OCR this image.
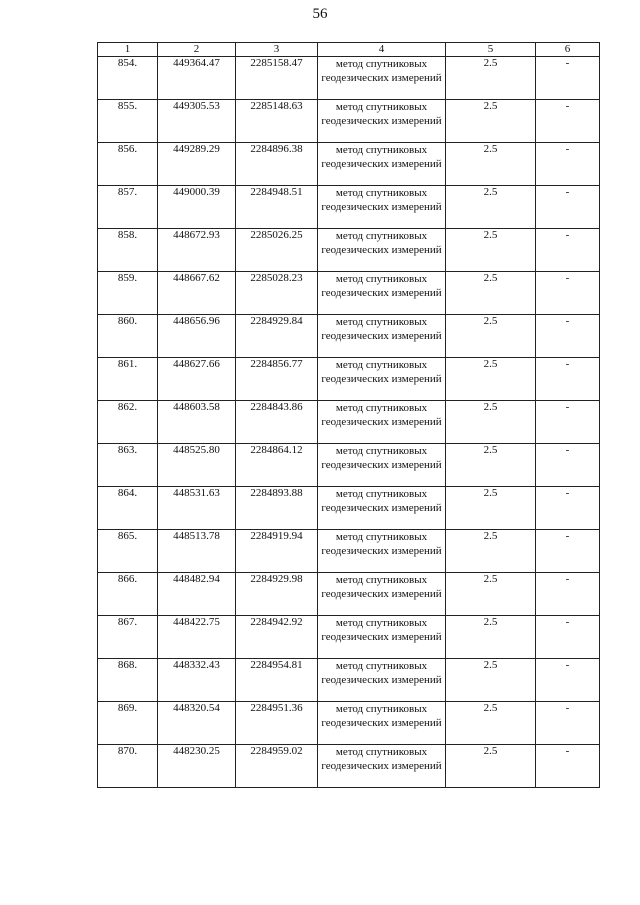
56
1	2	3	4	5	6
854.	449364.47	2285158.47	метод спутниковых геодезических измерений	2.5	-
855.	449305.53	2285148.63	метод спутниковых геодезических измерений	2.5	-
856.	449289.29	2284896.38	метод спутниковых геодезических измерений	2.5	-
857.	449000.39	2284948.51	метод спутниковых геодезических измерений	2.5	-
858.	448672.93	2285026.25	метод спутниковых геодезических измерений	2.5	-
859.	448667.62	2285028.23	метод спутниковых геодезических измерений	2.5	-
860.	448656.96	2284929.84	метод спутниковых геодезических измерений	2.5	-
861.	448627.66	2284856.77	метод спутниковых геодезических измерений	2.5	-
862.	448603.58	2284843.86	метод спутниковых геодезических измерений	2.5	-
863.	448525.80	2284864.12	метод спутниковых геодезических измерений	2.5	-
864.	448531.63	2284893.88	метод спутниковых геодезических измерений	2.5	-
865.	448513.78	2284919.94	метод спутниковых геодезических измерений	2.5	-
866.	448482.94	2284929.98	метод спутниковых геодезических измерений	2.5	-
867.	448422.75	2284942.92	метод спутниковых геодезических измерений	2.5	-
868.	448332.43	2284954.81	метод спутниковых геодезических измерений	2.5	-
869.	448320.54	2284951.36	метод спутниковых геодезических измерений	2.5	-
870.	448230.25	2284959.02	метод спутниковых геодезических измерений	2.5	-
